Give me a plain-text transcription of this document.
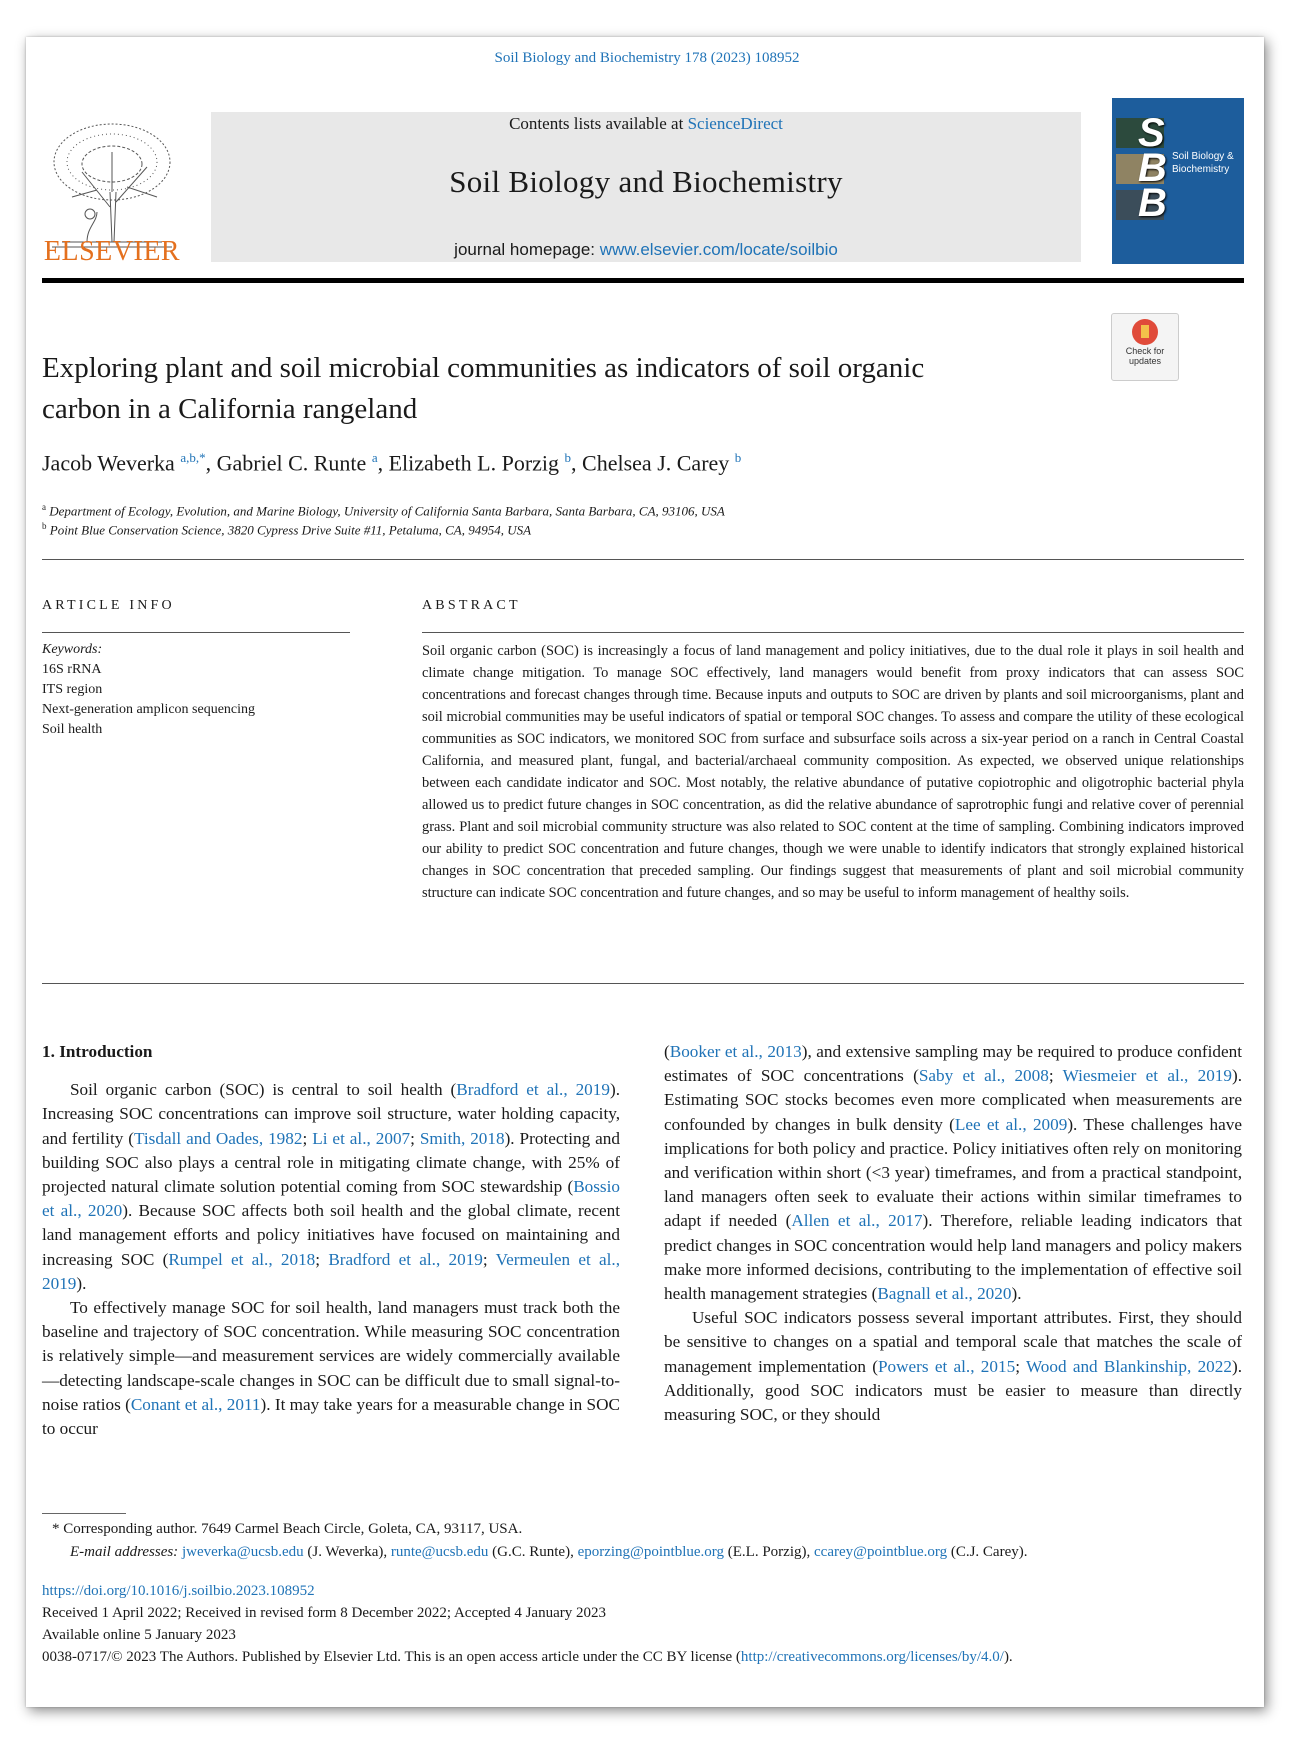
Soil Biology and Biochemistry 178 (2023) 108952
ELSEVIER
Contents lists available at ScienceDirect
Soil Biology and Biochemistry
journal homepage: www.elsevier.com/locate/soilbio
S
B
B
Soil Biology & Biochemistry
Exploring plant and soil microbial communities as indicators of soil organic
carbon in a California rangeland
Check for updates
Jacob Weverka $^{a,b,*}$, Gabriel C. Runte $^a$, Elizabeth L. Porzig $^b$, Chelsea J. Carey $^b$
$^a$ Department of Ecology, Evolution, and Marine Biology, University of California Santa Barbara, Santa Barbara, CA, 93106, USA
$^b$ Point Blue Conservation Science, 3820 Cypress Drive Suite #11, Petaluma, CA, 94954, USA
ARTICLE INFO	ABSTRACT
Keywords:
16S rRNA
ITS region
Next-generation amplicon sequencing
Soil health
Soil organic carbon (SOC) is increasingly a focus of land management and policy initiatives, due to the dual role it plays in soil health and climate change mitigation. To manage SOC effectively, land managers would benefit from proxy indicators that can assess SOC concentrations and forecast changes through time. Because inputs and outputs to SOC are driven by plants and soil microorganisms, plant and soil microbial communities may be useful indicators of spatial or temporal SOC changes. To assess and compare the utility of these ecological communities as SOC indicators, we monitored SOC from surface and subsurface soils across a six-year period on a ranch in Central Coastal California, and measured plant, fungal, and bacterial/archaeal community composition. As expected, we observed unique relationships between each candidate indicator and SOC. Most notably, the relative abundance of putative copiotrophic and oligotrophic bacterial phyla allowed us to predict future changes in SOC concentration, as did the relative abundance of saprotrophic fungi and relative cover of perennial grass. Plant and soil microbial community structure was also related to SOC content at the time of sampling. Combining indicators improved our ability to predict SOC concentration and future changes, though we were unable to identify indicators that strongly explained historical changes in SOC concentration that preceded sampling. Our findings suggest that measurements of plant and soil microbial community structure can indicate SOC concentration and future changes, and so may be useful to inform management of healthy soils.
1. Introduction

Soil organic carbon (SOC) is central to soil health (Bradford et al., 2019). Increasing SOC concentrations can improve soil structure, water holding capacity, and fertility (Tisdall and Oades, 1982; Li et al., 2007; Smith, 2018). Protecting and building SOC also plays a central role in mitigating climate change, with 25% of projected natural climate solution potential coming from SOC stewardship (Bossio et al., 2020). Because SOC affects both soil health and the global climate, recent land management efforts and policy initiatives have focused on maintaining and increasing SOC (Rumpel et al., 2018; Bradford et al., 2019; Vermeulen et al., 2019).

To effectively manage SOC for soil health, land managers must track both the baseline and trajectory of SOC concentration. While measuring SOC concentration is relatively simple—and measurement services are widely commercially available—detecting landscape-scale changes in SOC can be difficult due to small signal-to-noise ratios (Conant et al., 2011). It may take years for a measurable change in SOC to occur

(Booker et al., 2013), and extensive sampling may be required to produce confident estimates of SOC concentrations (Saby et al., 2008; Wiesmeier et al., 2019). Estimating SOC stocks becomes even more complicated when measurements are confounded by changes in bulk density (Lee et al., 2009). These challenges have implications for both policy and practice. Policy initiatives often rely on monitoring and verification within short (<3 year) timeframes, and from a practical standpoint, land managers often seek to evaluate their actions within similar timeframes to adapt if needed (Allen et al., 2017). Therefore, reliable leading indicators that predict changes in SOC concentration would help land managers and policy makers make more informed decisions, contributing to the implementation of effective soil health management strategies (Bagnall et al., 2020).

Useful SOC indicators possess several important attributes. First, they should be sensitive to changes on a spatial and temporal scale that matches the scale of management implementation (Powers et al., 2015; Wood and Blankinship, 2022). Additionally, good SOC indicators must be easier to measure than directly measuring SOC, or they should

* Corresponding author. 7649 Carmel Beach Circle, Goleta, CA, 93117, USA.
E-mail addresses: jweverka@ucsb.edu (J. Weverka), runte@ucsb.edu (G.C. Runte), eporzing@pointblue.org (E.L. Porzig), ccarey@pointblue.org (C.J. Carey).
https://doi.org/10.1016/j.soilbio.2023.108952
Received 1 April 2022; Received in revised form 8 December 2022; Accepted 4 January 2023
Available online 5 January 2023
0038-0717/© 2023 The Authors. Published by Elsevier Ltd. This is an open access article under the CC BY license (http://creativecommons.org/licenses/by/4.0/).
